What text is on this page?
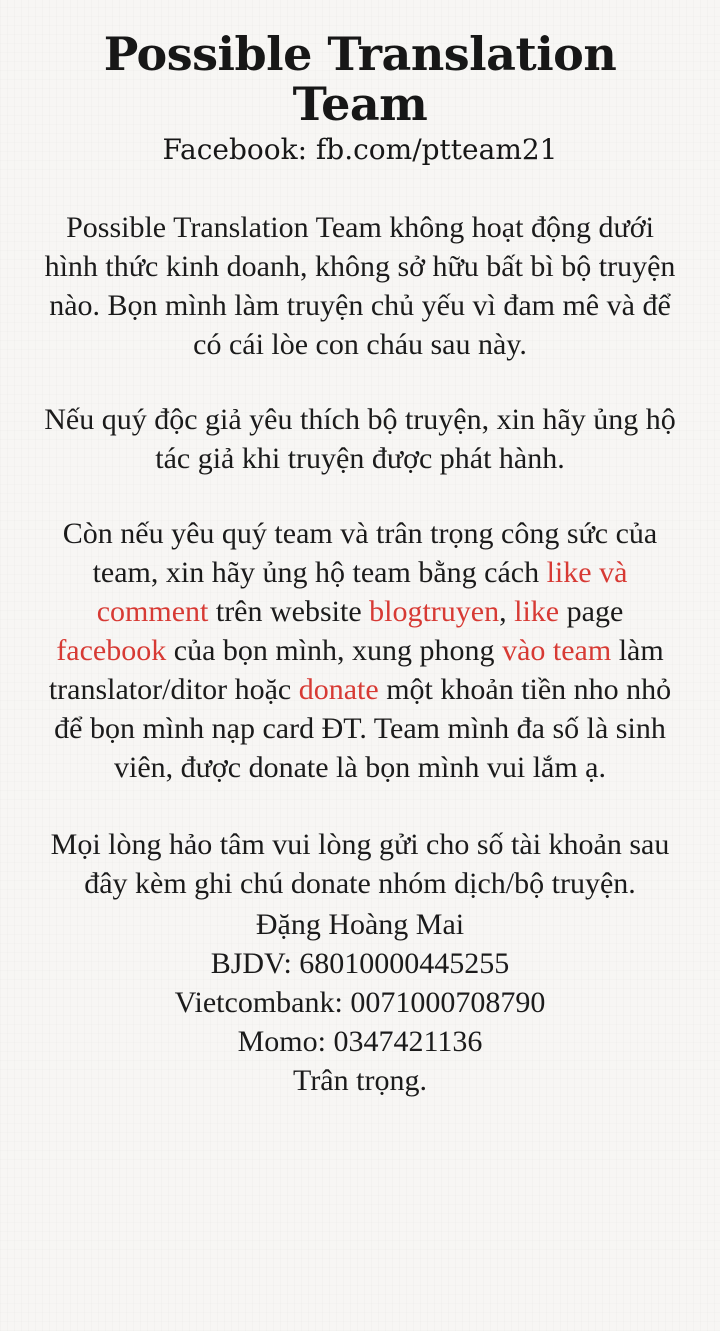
Possible Translation Team
Facebook: fb.com/ptteam21
Possible Translation Team không hoạt động dưới hình thức kinh doanh, không sở hữu bất bì bộ truyện nào. Bọn mình làm truyện chủ yếu vì đam mê và để có cái lòe con cháu sau này.
Nếu quý độc giả yêu thích bộ truyện, xin hãy ủng hộ tác giả khi truyện được phát hành.
Còn nếu yêu quý team và trân trọng công sức của team, xin hãy ủng hộ team bằng cách like và comment trên website blogtruyen, like page facebook của bọn mình, xung phong vào team làm translator/ditor hoặc donate một khoản tiền nho nhỏ để bọn mình nạp card ĐT. Team mình đa số là sinh viên, được donate là bọn mình vui lắm ạ.
Mọi lòng hảo tâm vui lòng gửi cho số tài khoản sau đây kèm ghi chú donate nhóm dịch/bộ truyện.
Đặng Hoàng Mai
BJDV: 68010000445255
Vietcombank: 0071000708790
Momo: 0347421136
Trân trọng.
